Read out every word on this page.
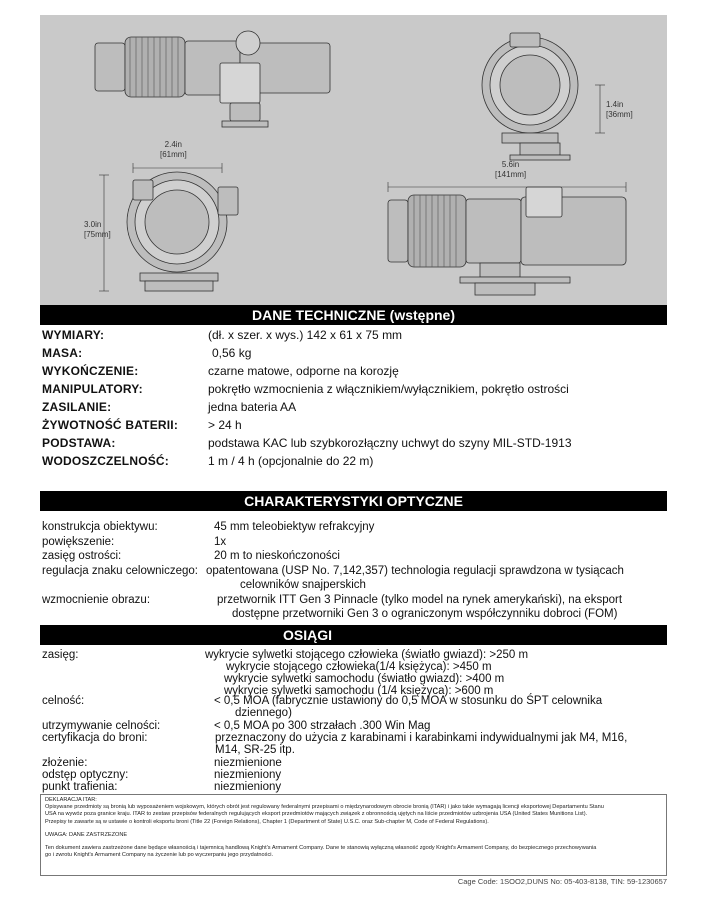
2.4in
[61mm]
3.0in
[75mm]
5.6in
[141mm]
1.4in
[36mm]
DANE TECHNICZNE (wstępne)
WYMIARY:	(dł. x szer. x wys.) 142 x 61 x 75 mm
MASA:	0,56 kg
WYKOŃCZENIE:	czarne matowe, odporne na korozję
MANIPULATORY:	pokrętło wzmocnienia z włącznikiem/wyłącznikiem, pokrętło ostrości
ZASILANIE:	jedna bateria AA
ŻYWOTNOŚĆ BATERII: > 24 h
PODSTAWA:	podstawa KAC lub szybkorozłączny uchwyt do szyny MIL-STD-1913
WODOSZCZELNOŚĆ:	1 m / 4 h (opcjonalnie do 22 m)
CHARAKTERYSTYKI OPTYCZNE
konstrukcja obiektywu:	45 mm teleobiektyw refrakcyjny
powiększenie:	1x
zasięg ostrości:	20 m to nieskończoności
regulacja znaku celowniczego: opatentowana (USP No. 7,142,357) technologia regulacji sprawdzona w tysiącach
celowników snajperskich
wzmocnienie obrazu:	przetwornik ITT Gen 3 Pinnacle (tylko model na rynek amerykański), na eksport
dostępne przetworniki Gen 3 o ograniczonym współczynniku dobroci (FOM)
OSIĄGI
zasięg:	wykrycie sylwetki stojącego człowieka (światło gwiazd): >250 m
wykrycie stojącego człowieka(1/4 księżyca): >450 m
wykrycie sylwetki samochodu (światło gwiazd): >400 m
wykrycie sylwetki samochodu (1/4 księżyca): >600 m
celność:	< 0,5 MOA (fabrycznie ustawiony do 0,5 MOA w stosunku do ŚPT celownika
dziennego)
utrzymywanie celności:	< 0,5 MOA po 300 strzałach .300 Win Mag
certyfikacja do broni:	przeznaczony do użycia z karabinami i karabinkami indywidualnymi jak M4, M16,
M14, SR-25 itp.
złożenie:	niezmienione
odstęp optyczny:	niezmieniony
punkt trafienia:	niezmieniony

DEKLARACJA ITAR:

Opisywane przedmioty są bronią lub wyposażeniem wojskowym, których obrót jest regulowany federalnymi przepisami o międzynarodowym obrocie bronią (ITAR) i jako takie wymagają licencji eksportowej Departamentu Stanu

USA na wywóz poza granice kraju. ITAR to zestaw przepisów federalnych regulujących eksport przedmiotów mających związek z obronnością ujętych na liście przedmiotów uzbrojenia USA (United States Munitions List).

Przepisy te zawarte są w ustawie o kontroli eksportu broni (Title 22 (Foreign Relations), Chapter 1 (Department of State) U.S.C. oraz Sub-chapter M, Code of Federal Regulations).

UWAGA: DANE ZASTRZEŻONE

Ten dokument zawiera zastrzeżone dane będące własnością i tajemnicą handlową Knight's Armament Company. Dane te stanowią wyłączną własność zgody Knight's Armament Company, do bezpiecznego przechowywania

go i zwrotu Knight's Armament Company na życzenie lub po wyczerpaniu jego przydatności.

Cage Code: 1SOO2,DUNS No: 05-403-8138, TIN: 59-1230657
